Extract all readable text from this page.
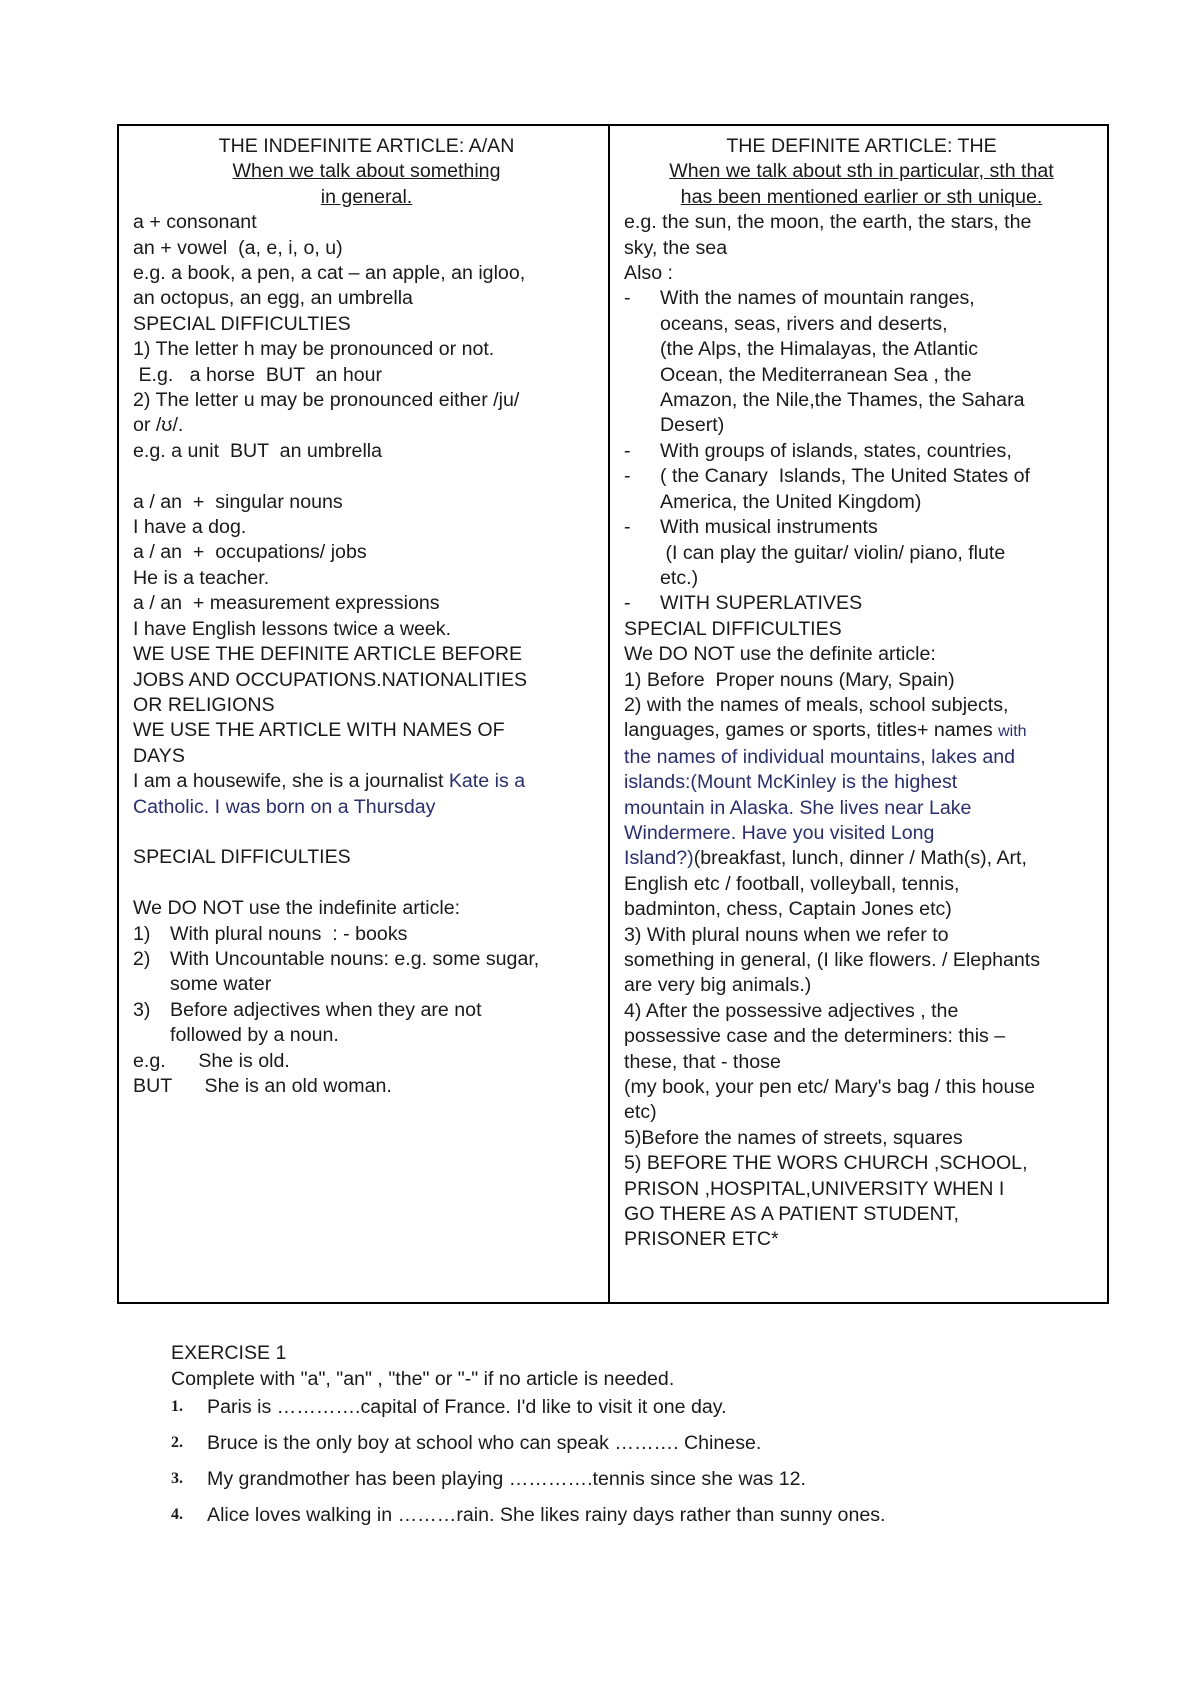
THE INDEFINITE ARTICLE: A/AN
When we talk about something
in general.
a + consonant
an + vowel  (a, e, i, o, u)
e.g. a book, a pen, a cat – an apple, an igloo,
an octopus, an egg, an umbrella
SPECIAL DIFFICULTIES
1) The letter h may be pronounced or not.
E.g.   a horse  BUT  an hour
2) The letter u may be pronounced either /ju/
or /ʊ/.
e.g. a unit  BUT  an umbrella
a / an  +  singular nouns
I have a dog.
a / an  +  occupations/ jobs
He is a teacher.
a / an  + measurement expressions
I have English lessons twice a week.
WE USE THE DEFINITE ARTICLE BEFORE
JOBS AND OCCUPATIONS.NATIONALITIES
OR RELIGIONS
WE USE THE ARTICLE WITH NAMES OF
DAYS
I am a housewife, she is a journalist Kate is a
Catholic. I was born on a Thursday
SPECIAL DIFFICULTIES
We DO NOT use the indefinite article:
1) With plural nouns  : - books
2) With Uncountable nouns: e.g. some sugar,
some water
3) Before adjectives when they are not
followed by a noun.
e.g.      She is old.
BUT      She is an old woman.
THE DEFINITE ARTICLE: THE
When we talk about sth in particular, sth that
has been mentioned earlier or sth unique.
e.g. the sun, the moon, the earth, the stars, the
sky, the sea
Also :
-	With the names of mountain ranges,
oceans, seas, rivers and deserts,
(the Alps, the Himalayas, the Atlantic
Ocean, the Mediterranean Sea , the
Amazon, the Nile,the Thames, the Sahara
Desert)
-	With groups of islands, states, countries,
-	( the Canary  Islands, The United States of
America, the United Kingdom)
-	With musical instruments
(I can play the guitar/ violin/ piano, flute
etc.)
-	WITH SUPERLATIVES
SPECIAL DIFFICULTIES
We DO NOT use the definite article:
1) Before  Proper nouns (Mary, Spain)
2) with the names of meals, school subjects,
languages, games or sports, titles+ names with
the names of individual mountains, lakes and
islands:(Mount McKinley is the highest
mountain in Alaska. She lives near Lake
Windermere. Have you visited Long
Island?)(breakfast, lunch, dinner / Math(s), Art,
English etc / football, volleyball, tennis,
badminton, chess, Captain Jones etc)
3) With plural nouns when we refer to
something in general, (I like flowers. / Elephants
are very big animals.)
4) After the possessive adjectives , the
possessive case and the determiners: this –
these, that - those
(my book, your pen etc/ Mary's bag / this house
etc)
5)Before the names of streets, squares
5) BEFORE THE WORS CHURCH ,SCHOOL,
PRISON ,HOSPITAL,UNIVERSITY WHEN I
GO THERE AS A PATIENT STUDENT,
PRISONER ETC*
EXERCISE 1
Complete with "a", "an" , "the" or "-" if no article is needed.
1.	Paris is ………….capital of France. I'd like to visit it one day.
2.	Bruce is the only boy at school who can speak ………. Chinese.
3.	My grandmother has been playing ………….tennis since she was 12.
4.	Alice loves walking in ………rain. She likes rainy days rather than sunny ones.
